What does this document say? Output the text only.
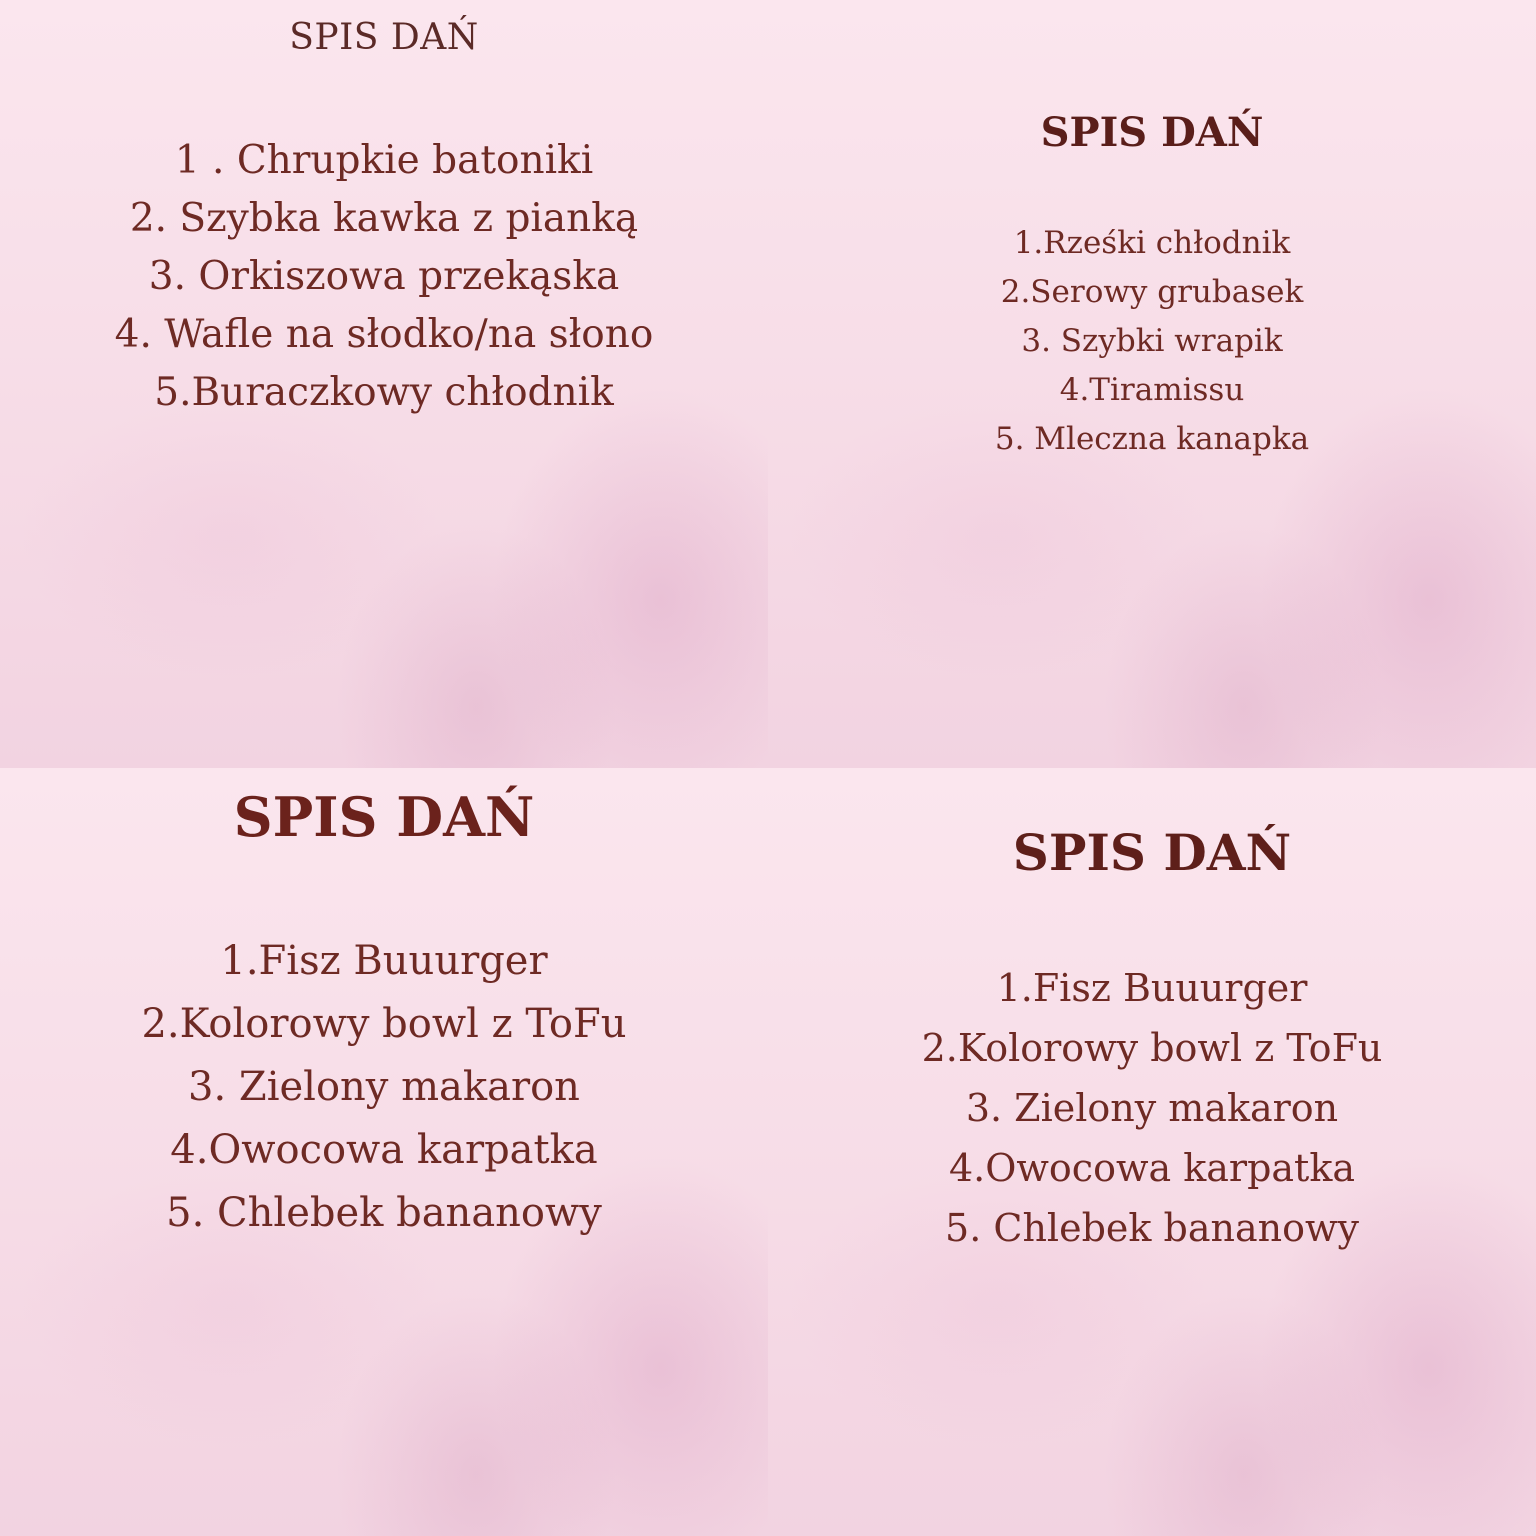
SPIS DAŃ
1 . Chrupkie batoniki
2. Szybka kawka z pianką
3. Orkiszowa przekąska
4. Wafle na słodko/na słono
5.Buraczkowy chłodnik
SPIS DAŃ
1.Rześki chłodnik
2.Serowy grubasek
3. Szybki wrapik
4.Tiramissu
5. Mleczna kanapka
SPIS DAŃ
1.Fisz Buuurger
2.Kolorowy bowl z ToFu
3. Zielony makaron
4.Owocowa karpatka
5. Chlebek bananowy
SPIS DAŃ
1.Fisz Buuurger
2.Kolorowy bowl z ToFu
3. Zielony makaron
4.Owocowa karpatka
5. Chlebek bananowy
